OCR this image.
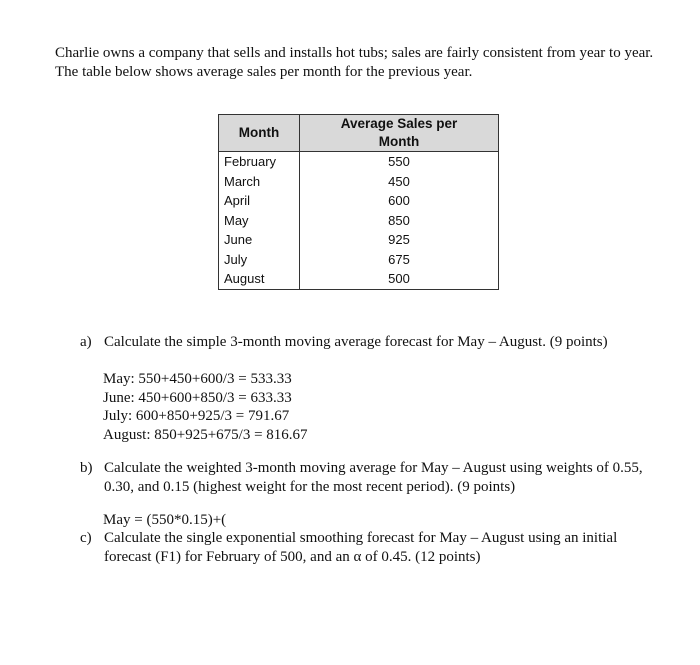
Charlie owns a company that sells and installs hot tubs; sales are fairly consistent from year to year. The table below shows average sales per month for the previous year.

Month	Average Sales per
Month
February	550
March	450
April	600
May	850
June	925
July	675
August	500
a) Calculate the simple 3-month moving average forecast for May – August. (9 points)
May: 550+450+600/3 = 533.33
June: 450+600+850/3 = 633.33
July: 600+850+925/3 = 791.67
August: 850+925+675/3 = 816.67
b) Calculate the weighted 3-month moving average for May – August using weights of 0.55, 0.30, and 0.15 (highest weight for the most recent period). (9 points)
May = (550*0.15)+(
c) Calculate the single exponential smoothing forecast for May – August using an initial forecast (F1) for February of 500, and an α of 0.45. (12 points)
